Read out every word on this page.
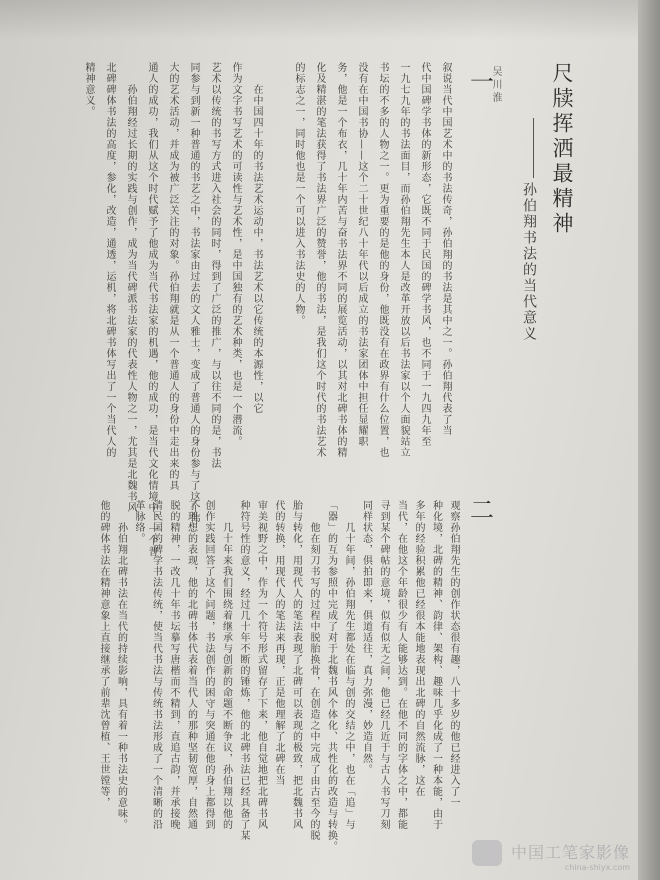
尺牍挥洒最精神
孙伯翔书法的当代意义
吴川淮
一
叙说当代中国艺术中的书法传奇，孙伯翔的书法是其中之一。孙伯翔代表了当
代中国碑学书体的新形态，它既不同于民国的碑学书风，也不同于一九四九年至
一九七九年的书法面目，而孙伯翔先生本人是改革开放以后书法家以个人面貌站立
书坛的不多的人物之一。更为重要的是他的身份，他既没有在政界有什么位置，也
没有在中国书协——这个二十世纪八十年代以后成立的书法家团体中担任显耀职
务，他是一个布衣，几十年内苦与奋书法界不同的展览活动，以其对北碑书体的精
化及精湛的笔法获得了书法界广泛的赞誉，他的书法，是我们这个时代的书法艺术
的标志之一，同时他也是一个可以进入书法史的人物。

　　在中国四十年的书法艺术运动中，书法艺术以它传统的本源性，以它
作为文字书写艺术的可读性与艺术性，是中国独有的艺术种类，也是一个潜流。
艺术以传统的书写方式进入社会的同时，得到了广泛的推广，与以往不同的是，书法
同参与到新一种普通的书艺之中，书法家由过去的文人雅士，变成了普通人的身份参与了这个伟
大的艺术活动，并成为被广泛关注的对象。孙伯翔就是从一个普通人的身份中走出来的具
通人的成功，我们从这个时代赋予了他成为当代书法家的机遇，他的成功，是当代文化情境中，一个普
　　孙伯翔经过长期的实践与创作，成为当代碑派书法家的代表性人物之一，尤其是北魏书风
北碑碑体书法的高度，参化，改造，通透，运机，将北碑书体写出了一个当代人的
精神意义。
二
观察孙伯翔先生的创作状态很有趣，八十多岁的他已经进入了一
种化境，北碑的精神、韵律、架构、趣味几乎化成了一种本能，由于
多年的经验积累他已经很本能地表现出北碑的自然流脉，这在
当代，在他这个年龄很少有人能够达到。在他不同的字体之中，都能
寻到某个碑帖的意境，似有似无之间，他已经几近于与古人书写刀刻
同样状态，俱拍即来，俱道适往，真力弥漫，妙造自然。
　　几十年间，孙伯翔先生都处在临与创的交结之中，也在「追」与
「器」的互为参照中完成了对于北魏书风个体化、共性化的改造与转换。
　　他在刻刀书写的过程中脱胎换骨，在创造之中完成了由古至今的脱
胎与转化，用现代人的笔法表现了北碑可以表现的极致，把北魏书风
代的转换，用现代人的笔法来再现，正是他理解了北碑在当
审美视野之中，作为一个符号形式留存了下来，他自觉地把北碑书风
种符号性的意义，经过几十年不断的锤炼，他的北碑书法已经具备了某
　　几十年来我们围绕着继承与创新的命题不断争议，孙伯翔以他的
创作实践回答了这个问题，书法创作的困守与突通在他的身上都得到
了理想的表现，他的北碑书体代表着当代人的那种坚韧宽厚，自然通
脱的精神，一改几十年书坛摹写唐楷而不精到，直追古韵，并承接晚
清民国的碑学书法传统，使当代书法与传统书法形成了一个清晰的沿
革脉络。
　　孙伯翔北碑书法在当代的持续影响，具有着一种书法史的意味。
他的碑体书法在精神意象上直接继承了前辈沈曾植、王世镗等，
中国工笔家影像
china-shiyx.com
